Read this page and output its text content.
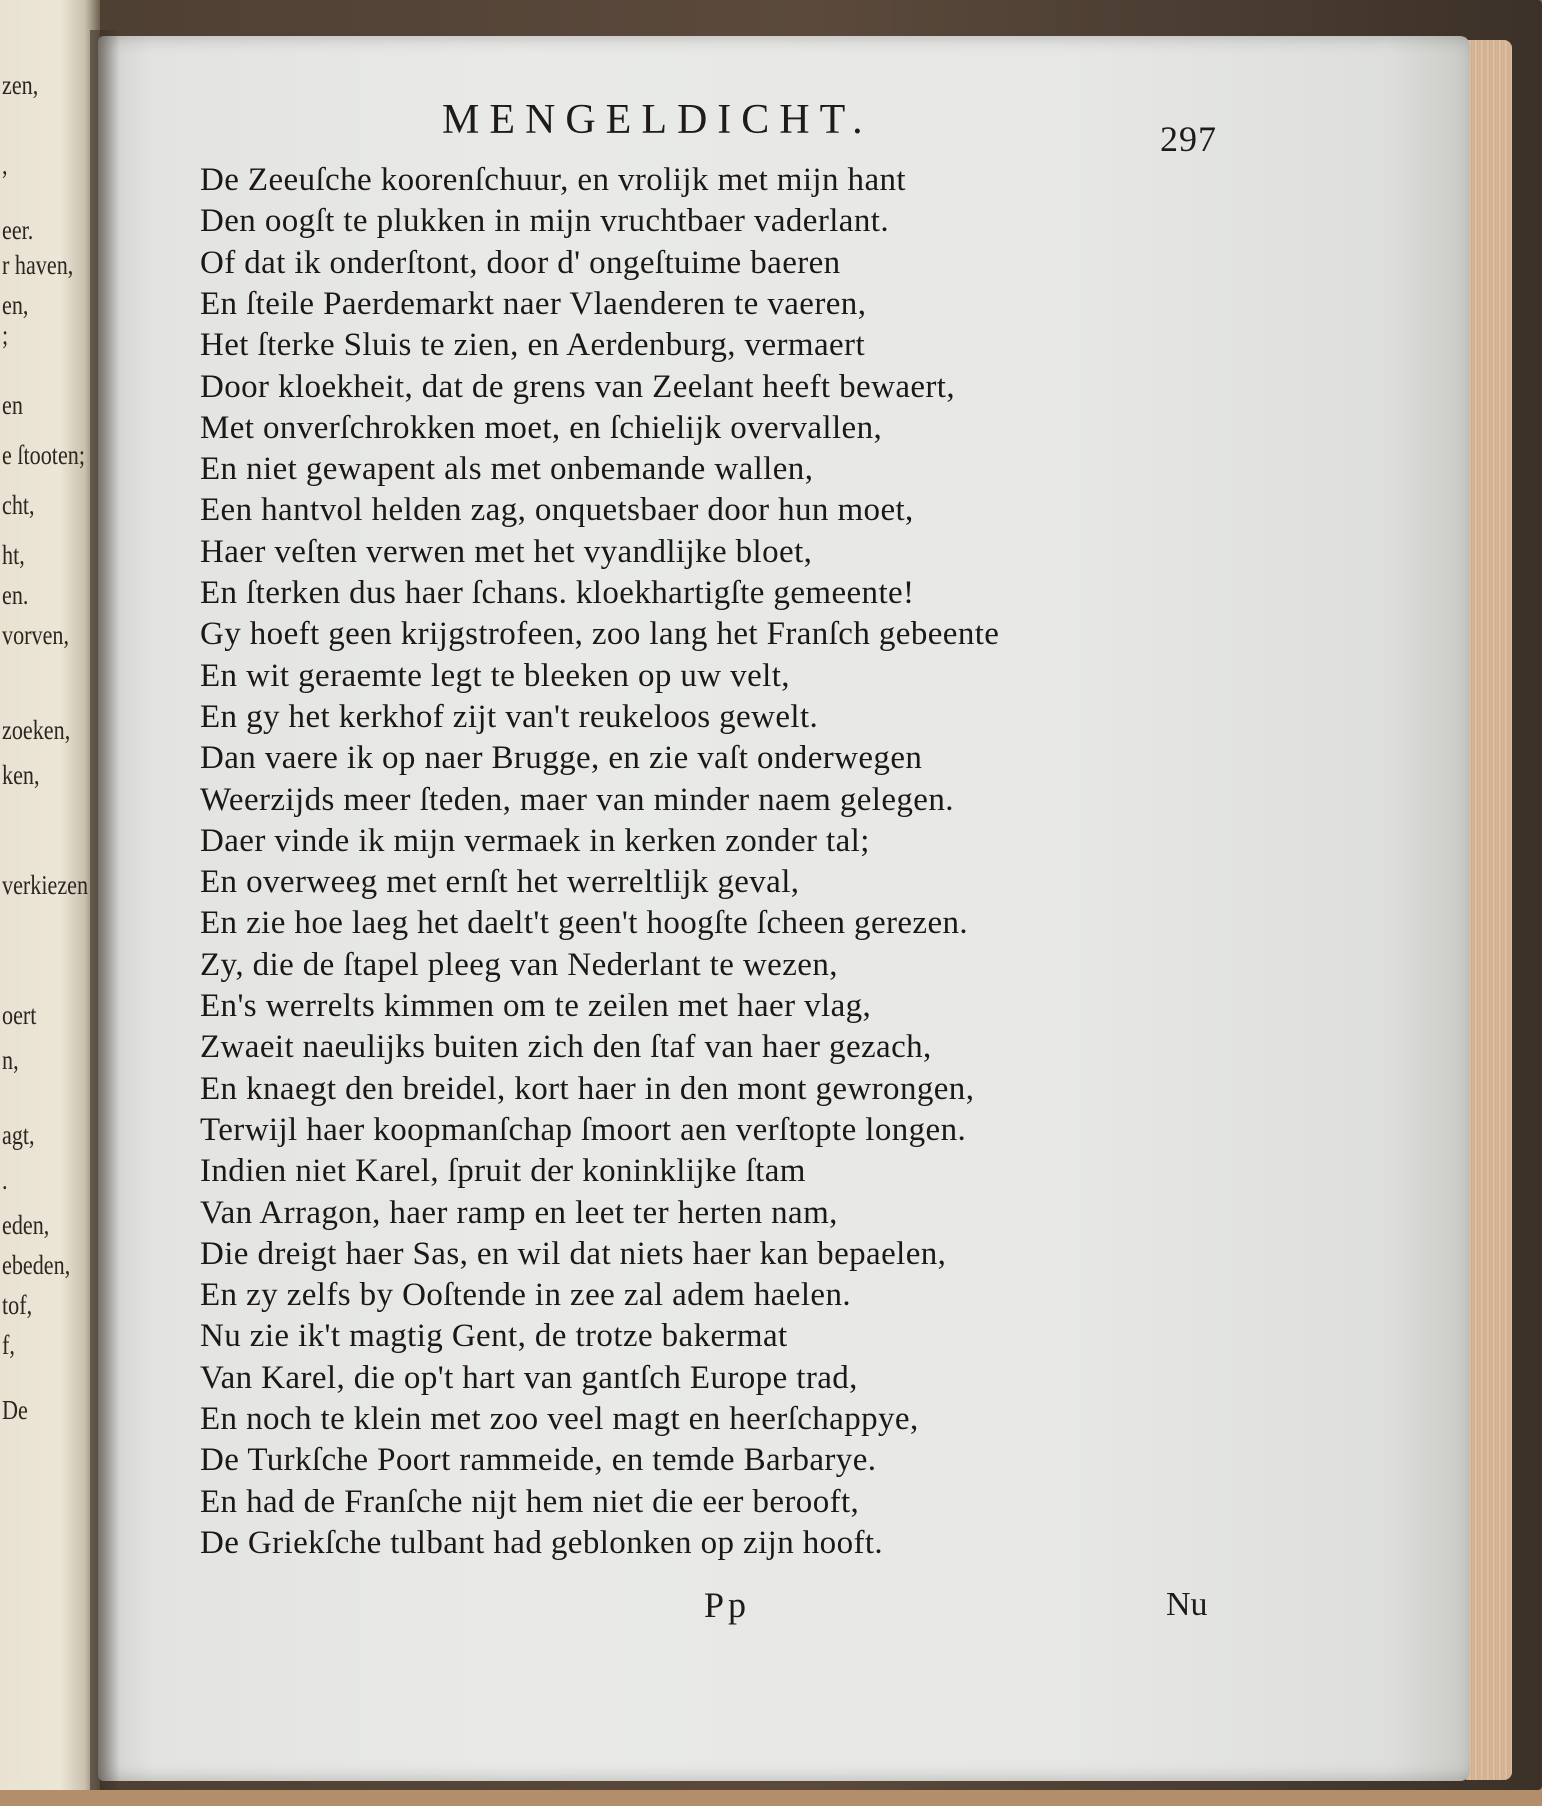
zen,
,
eer.
r haven,
en,
;
en
e ſtooten;
cht,
ht,
en.
vorven,
zoeken,
ken,
verkiezen
oert
n,
agt,
.
eden,
ebeden,
tof,
f,
De
MENGELDICHT.	297
De Zeeuſche koorenſchuur, en vrolijk met mijn hant
Den oogſt te plukken in mijn vruchtbaer vaderlant.
Of dat ik onderſtont, door d' ongeſtuime baeren
En ſteile Paerdemarkt naer Vlaenderen te vaeren,
Het ſterke Sluis te zien, en Aerdenburg, vermaert
Door kloekheit, dat de grens van Zeelant heeft bewaert,
Met onverſchrokken moet, en ſchielijk overvallen,
En niet gewapent als met onbemande wallen,
Een hantvol helden zag, onquetsbaer door hun moet,
Haer veſten verwen met het vyandlijke bloet,
En ſterken dus haer ſchans. kloekhartigſte gemeente!
Gy hoeft geen krijgstrofeen, zoo lang het Franſch gebeente
En wit geraemte legt te bleeken op uw velt,
En gy het kerkhof zijt van't reukeloos gewelt.
Dan vaere ik op naer Brugge, en zie vaſt onderwegen
Weerzijds meer ſteden, maer van minder naem gelegen.
Daer vinde ik mijn vermaek in kerken zonder tal;
En overweeg met ernſt het werreltlijk geval,
En zie hoe laeg het daelt't geen't hoogſte ſcheen gerezen.
Zy, die de ſtapel pleeg van Nederlant te wezen,
En's werrelts kimmen om te zeilen met haer vlag,
Zwaeit naeulijks buiten zich den ſtaf van haer gezach,
En knaegt den breidel, kort haer in den mont gewrongen,
Terwijl haer koopmanſchap ſmoort aen verſtopte longen.
Indien niet Karel, ſpruit der koninklijke ſtam
Van Arragon, haer ramp en leet ter herten nam,
Die dreigt haer Sas, en wil dat niets haer kan bepaelen,
En zy zelfs by Ooſtende in zee zal adem haelen.
Nu zie ik't magtig Gent, de trotze bakermat
Van Karel, die op't hart van gantſch Europe trad,
En noch te klein met zoo veel magt en heerſchappye,
De Turkſche Poort rammeide, en temde Barbarye.
En had de Franſche nijt hem niet die eer berooft,
De Griekſche tulbant had geblonken op zijn hooft.
Pp	Nu
